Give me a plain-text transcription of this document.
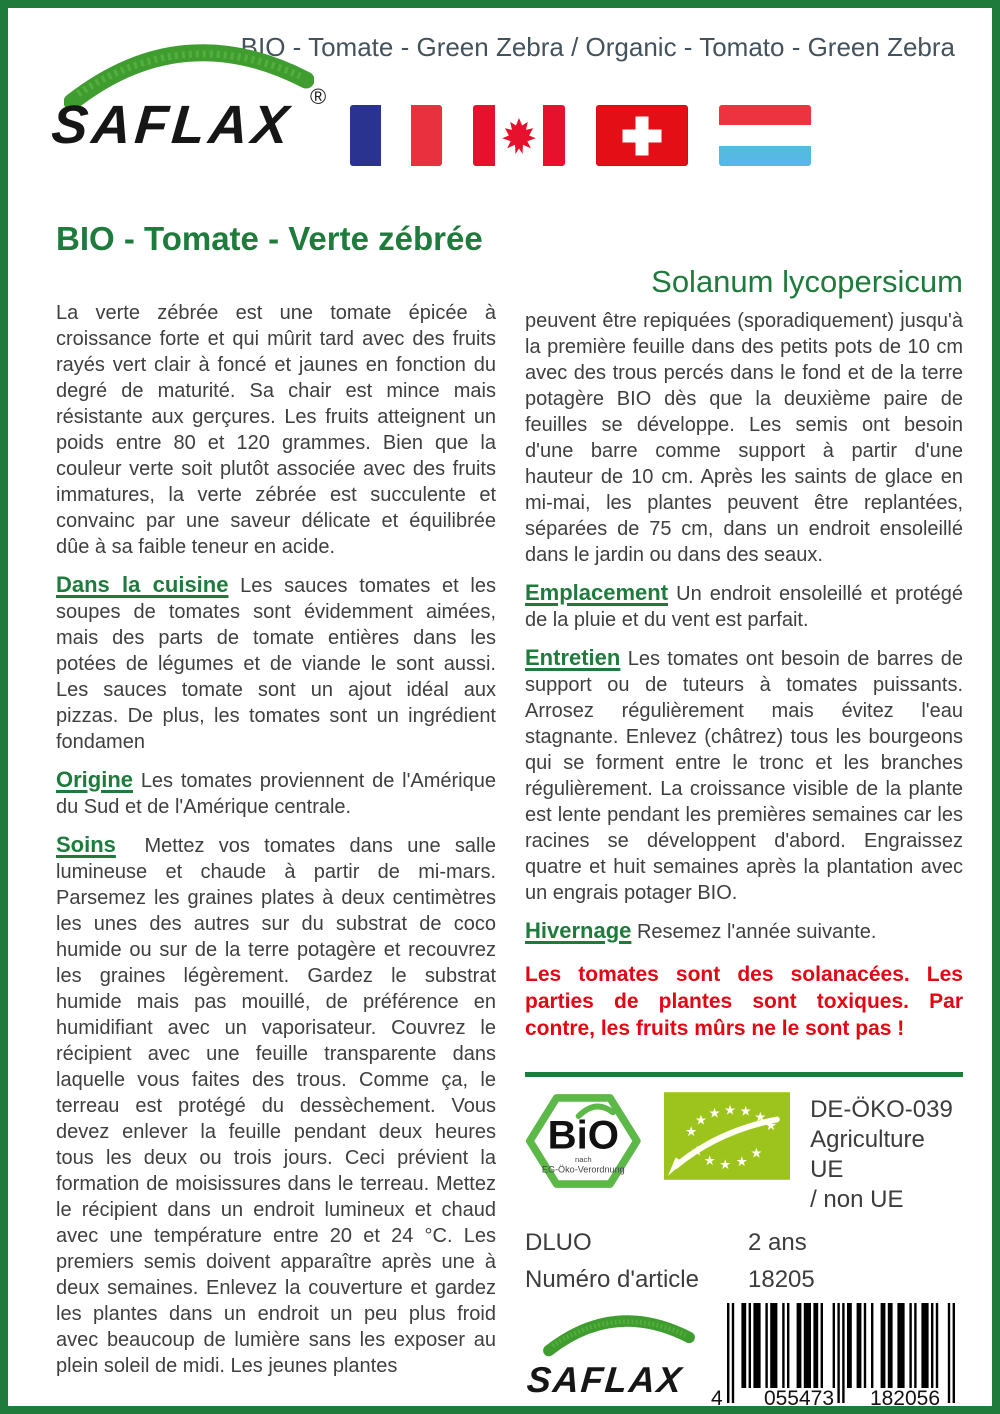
BIO - Tomate - Green Zebra / Organic - Tomato - Green Zebra
SAFLAX ®
BIO - Tomate - Verte zébrée

La verte zébrée est une tomate épicée à croissance forte et qui mûrit tard avec des fruits rayés vert clair à foncé et jaunes en fonction du degré de maturité. Sa chair est mince mais résistante aux gerçures. Les fruits atteignent un poids entre 80 et 120 grammes. Bien que la couleur verte soit plutôt associée avec des fruits immatures, la verte zébrée est succulente et convainc par une saveur délicate et équilibrée dûe à sa faible teneur en acide.

Dans la cuisine Les sauces tomates et les soupes de tomates sont évidemment aimées, mais des parts de tomate entières dans les potées de légumes et de viande le sont aussi. Les sauces tomate sont un ajout idéal aux pizzas. De plus, les tomates sont un ingrédient fondamen

Origine Les tomates proviennent de l'Amérique du Sud et de l'Amérique centrale.

Soins Mettez vos tomates dans une salle lumineuse et chaude à partir de mi-mars. Parsemez les graines plates à deux centimètres les unes des autres sur du substrat de coco humide ou sur de la terre potagère et recouvrez les graines légèrement. Gardez le substrat humide mais pas mouillé, de préférence en humidifiant avec un vaporisateur. Couvrez le récipient avec une feuille transparente dans laquelle vous faites des trous. Comme ça, le terreau est protégé du dessèchement. Vous devez enlever la feuille pendant deux heures tous les deux ou trois jours. Ceci prévient la formation de moisissures dans le terreau. Mettez le récipient dans un endroit lumineux et chaud avec une température entre 20 et 24 °C. Les premiers semis doivent apparaître après une à deux semaines. Enlevez la couverture et gardez les plantes dans un endroit un peu plus froid avec beaucoup de lumière sans les exposer au plein soleil de midi. Les jeunes plantes

Solanum lycopersicum

peuvent être repiquées (sporadiquement) jusqu'à la première feuille dans des petits pots de 10 cm avec des trous percés dans le fond et de la terre potagère BIO dès que la deuxième paire de feuilles se développe. Les semis ont besoin d'une barre comme support à partir d'une hauteur de 10 cm. Après les saints de glace en mi-mai, les plantes peuvent être replantées, séparées de 75 cm, dans un endroit ensoleillé dans le jardin ou dans des seaux.

Emplacement Un endroit ensoleillé et protégé de la pluie et du vent est parfait.

Entretien Les tomates ont besoin de barres de support ou de tuteurs à tomates puissants. Arrosez régulièrement mais évitez l'eau stagnante. Enlevez (châtrez) tous les bourgeons qui se forment entre le tronc et les branches régulièrement. La croissance visible de la plante est lente pendant les premières semaines car les racines se développent d'abord. Engraissez quatre et huit semaines après la plantation avec un engrais potager BIO.

Hivernage Resemez l'année suivante.

Les tomates sont des solanacées. Les parties de plantes sont toxiques. Par contre, les fruits mûrs ne le sont pas !

BiO
nach
EG-Öko-Verordnung
★
★ ★ ★ ★ ★
★
★
★ ★ ★
★
DE-ÖKO-039
Agriculture UE
/ non UE
DLUO	2 ans
Numéro d'article	18205
SAFLAX 4	055473	182056
